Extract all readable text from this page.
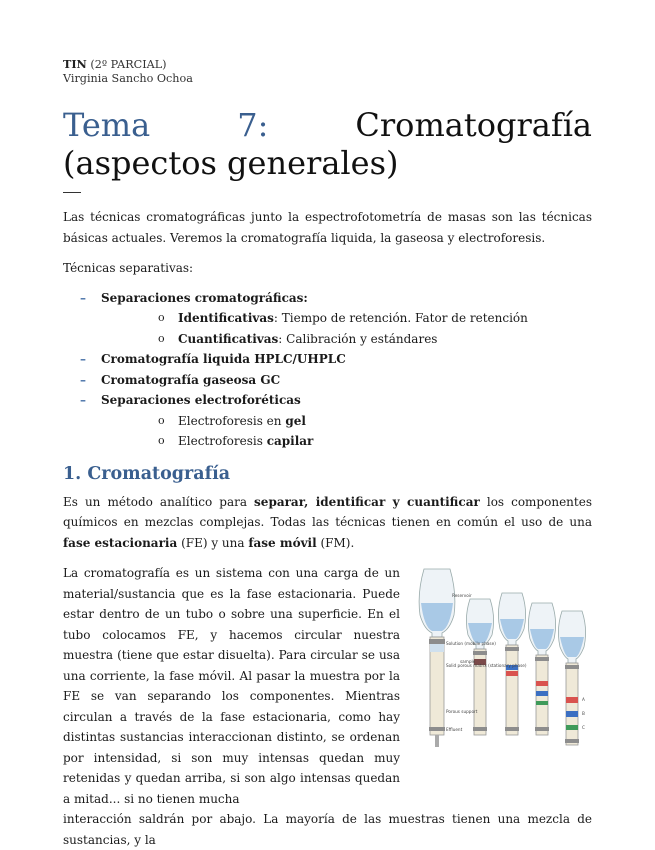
TIN (2º PARCIAL)
Virginia Sancho Ochoa
Tema 7:	Cromatografía (aspectos generales)

Las técnicas cromatográficas junto la espectrofotometría de masas son las técnicas básicas actuales. Veremos la cromatografía liquida, la gaseosa y electroforesis.

Técnicas separativas:

– Separaciones cromatográficas:
o Identificativas: Tiempo de retención. Fator de retención
o Cuantificativas: Calibración y estándares
– Cromatografía liquida HPLC/UHPLC
– Cromatografía gaseosa GC
– Separaciones electroforéticas
o Electroforesis en gel
o Electroforesis capilar
1. Cromatografía

Es un método analítico para separar, identificar y cuantificar los componentes químicos en mezclas complejas. Todas las técnicas tienen en común el uso de una fase estacionaria (FE) y una fase móvil (FM).

La cromatografía es un sistema con una carga de un material/sustancia que es la fase estacionaria. Puede estar dentro de un tubo o sobre una superficie. En el tubo colocamos FE, y hacemos circular nuestra muestra (tiene que estar disuelta). Para circular se usa una corriente, la fase móvil. Al pasar la muestra por la FE se van separando los componentes. Mientras circulan a través de la fase estacionaria, como hay distintas sustancias interaccionan distinto, se ordenan por intensidad, si son muy intensas quedan muy retenidas y quedan arriba, si son algo intensas quedan a mitad... si no tienen mucha

Reservoir
sample
Solution (mobile phase)
Solid porous matrix (stationary phase)
Porous support
Effluent
A
B
C

interacción saldrán por abajo. La mayoría de las muestras tienen una mezcla de sustancias, y la
